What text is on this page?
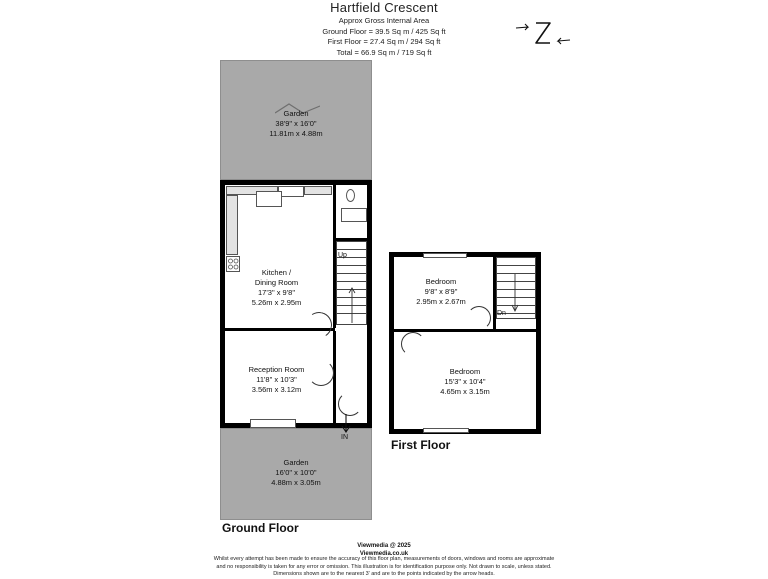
Hartfield Crescent
Approx Gross Internal Area
Ground Floor = 39.5 Sq m / 425 Sq ft
First Floor = 27.4 Sq m / 294 Sq ft
Total = 66.9 Sq m / 719 Sq ft
Garden
38'9" x 16'0"
11.81m x 4.88m
Up
Kitchen /
Dining Room
17'3" x 9'8"
5.26m x 2.95m
Reception Room
11'8" x 10'3"
3.56m x 3.12m
Garden
16'0" x 10'0"
4.88m x 3.05m
IN
Ground Floor
Dn
Bedroom
9'8" x 8'9"
2.95m x 2.67m
Bedroom
15'3" x 10'4"
4.65m x 3.15m
First Floor
Viewmedia @ 2025
Viewmedia.co.uk
Whilst every attempt has been made to ensure the accuracy of this floor plan, measurements of doors, windows and rooms are approximate
and no responsibility is taken for any error or omission. This illustration is for identification purpose only. Not drawn to scale, unless stated.
Dimensions shown are to the nearest 3' and are to the points indicated by the arrow heads.
